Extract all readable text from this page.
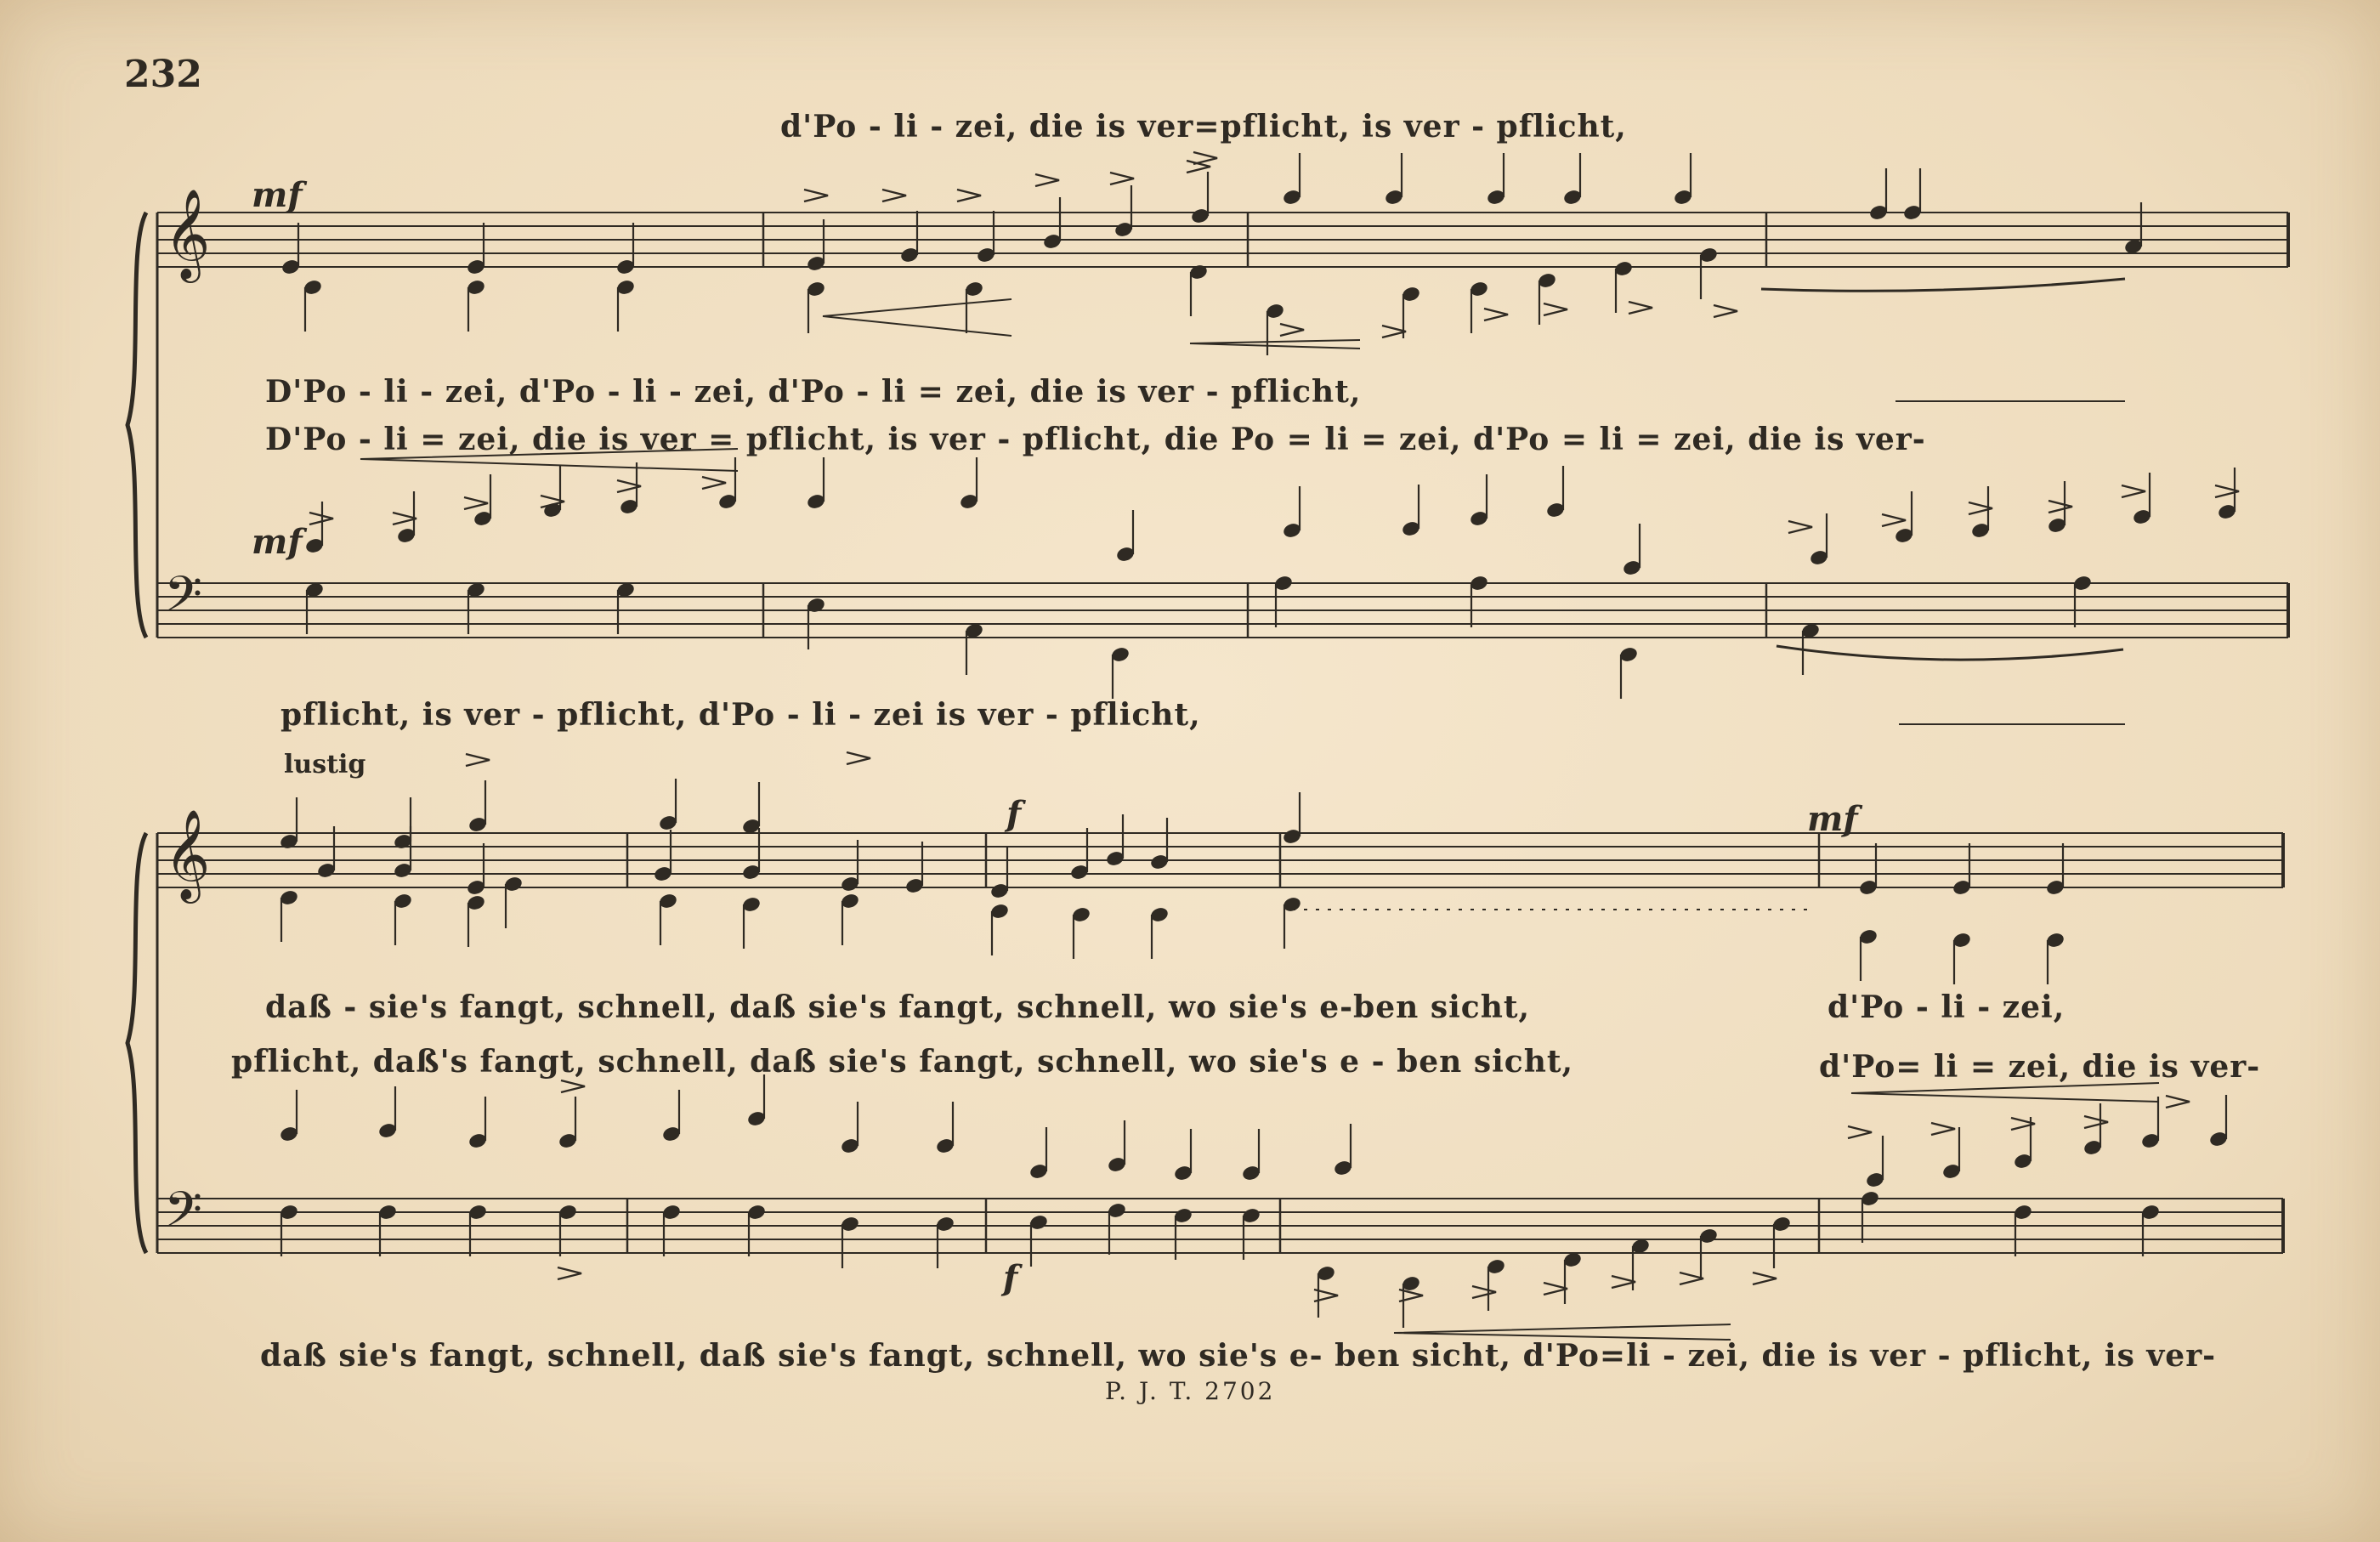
𝄞
𝄢
𝄞
𝄢
232
d'Po - li - zei, die is ver=pflicht, is ver - pflicht,
D'Po - li - zei, d'Po - li - zei, d'Po - li = zei, die is ver - pflicht,
D'Po - li = zei, die is ver = pflicht, is ver - pflicht, die Po = li = zei, d'Po = li = zei, die is ver-
pflicht, is ver - pflicht, d'Po - li - zei is ver - pflicht,
daß - sie's fangt, schnell, daß sie's fangt, schnell, wo sie's e-ben sicht,	d'Po - li - zei,
pflicht, daß's fangt, schnell, daß sie's fangt, schnell, wo sie's e - ben sicht,	d'Po= li = zei, die is ver-
daß sie's fangt, schnell, daß sie's fangt, schnell, wo sie's e- ben sicht, d'Po=li - zei, die is ver - pflicht, is ver-
mf
mf
f	mf
f
lustig
P. J. T. 2702
